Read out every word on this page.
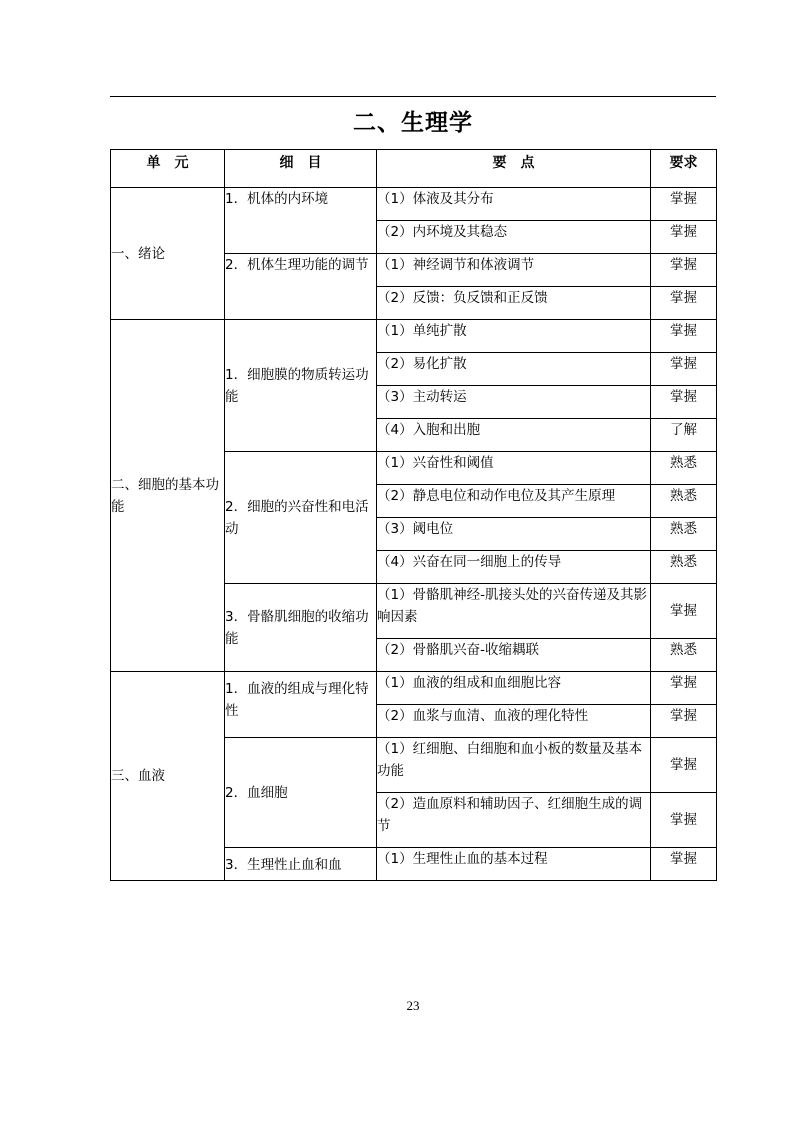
二、生理学
单　元	细　目	要　点	要求
一、绪论	1．机体的内环境	（1）体液及其分布	掌握
		（2）内环境及其稳态	掌握
	2．机体生理功能的调节	（1）神经调节和体液调节	掌握
		（2）反馈：负反馈和正反馈	掌握
二、细胞的基本功能	1．细胞膜的物质转运功能	（1）单纯扩散	掌握
		（2）易化扩散	掌握
		（3）主动转运	掌握
		（4）入胞和出胞	了解
	2．细胞的兴奋性和电活动	（1）兴奋性和阈值	熟悉
		（2）静息电位和动作电位及其产生原理	熟悉
		（3）阈电位	熟悉
		（4）兴奋在同一细胞上的传导	熟悉
	3．骨骼肌细胞的收缩功能	（1）骨骼肌神经-肌接头处的兴奋传递及其影响因素	掌握
		（2）骨骼肌兴奋-收缩耦联	熟悉
三、血液	1．血液的组成与理化特性	（1）血液的组成和血细胞比容	掌握
		（2）血浆与血清、血液的理化特性	掌握
	2．血细胞	（1）红细胞、白细胞和血小板的数量及基本功能	掌握
		（2）造血原料和辅助因子、红细胞生成的调节	掌握
	3．生理性止血和血	（1）生理性止血的基本过程	掌握
23
